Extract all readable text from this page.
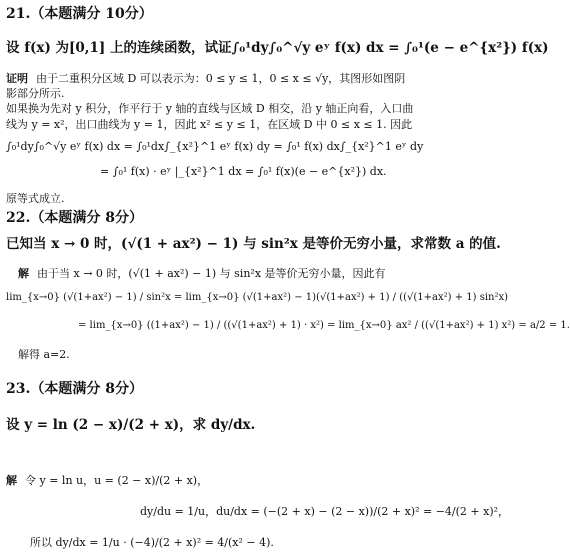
21.（本题满分 10分）
设 f(x) 为[0,1] 上的连续函数，试证∫₀¹dy∫₀^√y eʸ f(x) dx = ∫₀¹(e − e^{x²}) f(x)
证明 由于二重积分区域 D 可以表示为：0 ≤ y ≤ 1，0 ≤ x ≤ √y，其图形如图阴
影部分所示.
如果换为先对 y 积分，作平行于 y 轴的直线与区域 D 相交，沿 y 轴正向看，入口曲
线为 y = x²，出口曲线为 y = 1，因此 x² ≤ y ≤ 1，在区域 D 中 0 ≤ x ≤ 1. 因此
∫₀¹dy∫₀^√y eʸ f(x) dx = ∫₀¹dx∫_{x²}^1 eʸ f(x) dy = ∫₀¹ f(x) dx∫_{x²}^1 eʸ dy
= ∫₀¹ f(x) · eʸ |_{x²}^1 dx = ∫₀¹ f(x)(e − e^{x²}) dx.
原等式成立.
22.（本题满分 8分）
已知当 x → 0 时，(√(1 + ax²) − 1) 与 sin²x 是等价无穷小量，求常数 a 的值.
解 由于当 x → 0 时，(√(1 + ax²) − 1) 与 sin²x 是等价无穷小量，因此有
lim_{x→0} (√(1+ax²) − 1) / sin²x = lim_{x→0} (√(1+ax²) − 1)(√(1+ax²) + 1) / ((√(1+ax²) + 1) sin²x)
= lim_{x→0} ((1+ax²) − 1) / ((√(1+ax²) + 1) · x²) = lim_{x→0} ax² / ((√(1+ax²) + 1) x²) = a/2 = 1.
解得 a=2.
23.（本题满分 8分）
设 y = ln (2 − x)/(2 + x)，求 dy/dx.
解 令 y = ln u，u = (2 − x)/(2 + x)，
dy/du = 1/u，du/dx = (−(2 + x) − (2 − x))/(2 + x)² = −4/(2 + x)²，
所以 dy/dx = 1/u · (−4)/(2 + x)² = 4/(x² − 4).
